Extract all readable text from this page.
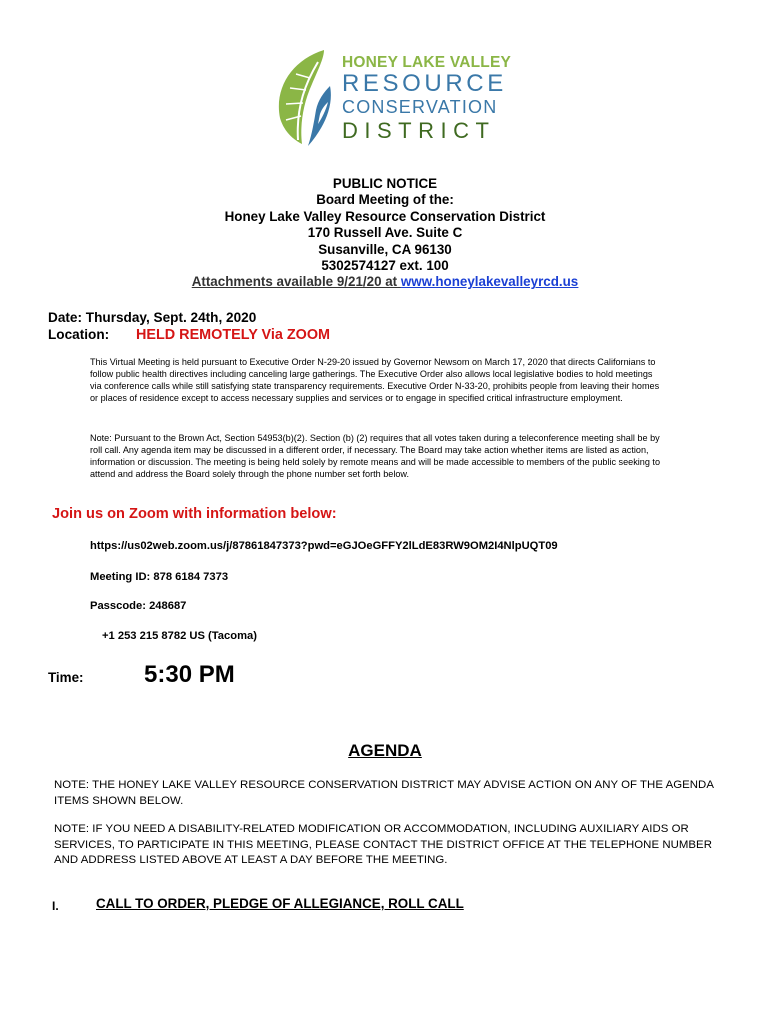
HONEY LAKE VALLEY
RESOURCE
CONSERVATION
DISTRICT
PUBLIC NOTICE
Board Meeting of the:
Honey Lake Valley Resource Conservation District
170 Russell Ave. Suite C
Susanville, CA 96130
5302574127 ext. 100
Attachments available 9/21/20 at www.honeylakevalleyrcd.us
Date: Thursday, Sept. 24th, 2020
Location: HELD REMOTELY Via ZOOM
This Virtual Meeting is held pursuant to Executive Order N-29-20 issued by Governor Newsom on March 17, 2020 that directs Californians to follow public health directives including canceling large gatherings. The Executive Order also allows local legislative bodies to hold meetings via conference calls while still satisfying state transparency requirements. Executive Order N-33-20, prohibits people from leaving their homes or places of residence except to access necessary supplies and services or to engage in specified critical infrastructure employment.
Note: Pursuant to the Brown Act, Section 54953(b)(2). Section (b) (2) requires that all votes taken during a teleconference meeting shall be by roll call. Any agenda item may be discussed in a different order, if necessary. The Board may take action whether items are listed as action, information or discussion. The meeting is being held solely by remote means and will be made accessible to members of the public seeking to attend and address the Board solely through the phone number set forth below.
Join us on Zoom with information below:
https://us02web.zoom.us/j/87861847373?pwd=eGJOeGFFY2lLdE83RW9OM2I4NlpUQT09
Meeting ID: 878 6184 7373
Passcode: 248687
+1 253 215 8782 US (Tacoma)
Time:	5:30 PM
AGENDA
NOTE: THE HONEY LAKE VALLEY RESOURCE CONSERVATION DISTRICT MAY ADVISE ACTION ON ANY OF THE AGENDA ITEMS SHOWN BELOW.
NOTE: IF YOU NEED A DISABILITY-RELATED MODIFICATION OR ACCOMMODATION, INCLUDING AUXILIARY AIDS OR SERVICES, TO PARTICIPATE IN THIS MEETING, PLEASE CONTACT THE DISTRICT OFFICE AT THE TELEPHONE NUMBER AND ADDRESS LISTED ABOVE AT LEAST A DAY BEFORE THE MEETING.
I.	CALL TO ORDER, PLEDGE OF ALLEGIANCE, ROLL CALL
